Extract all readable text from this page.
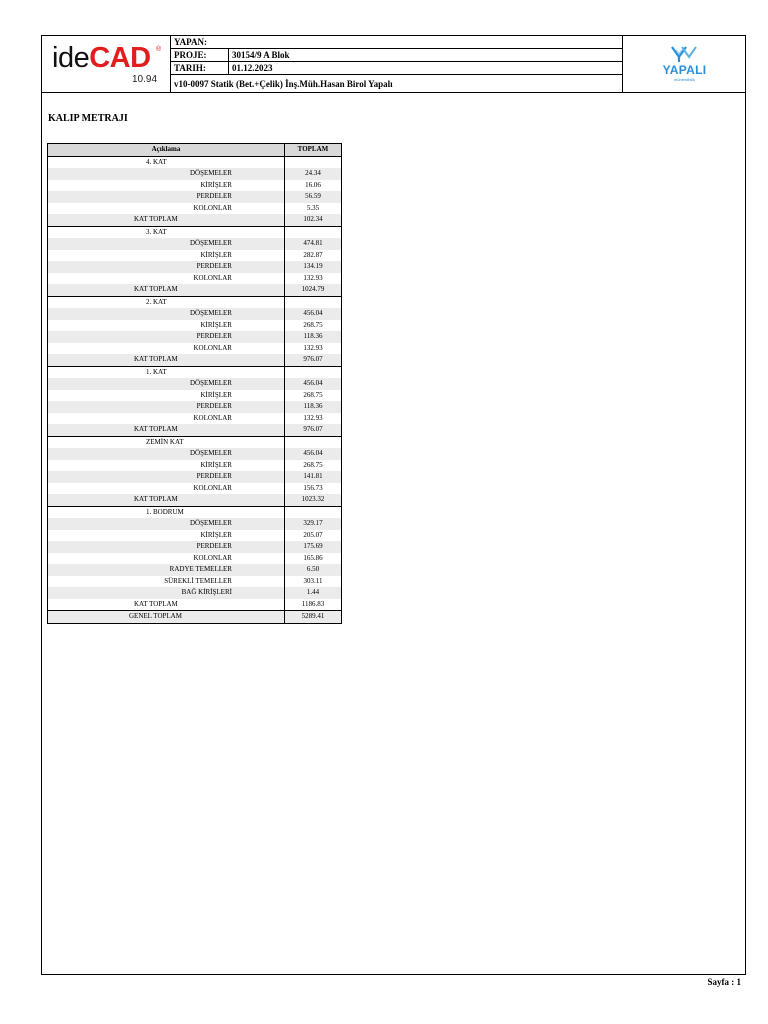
ideCAD ®
10.94
YAPAN:
PROJE:	30154/9 A Blok
TARIH:	01.12.2023
v10-0097 Statik (Bet.+Çelik) İnş.Müh.Hasan Birol Yapalı
YAPALI
mühendislik
KALIP METRAJI
Açıklama	TOPLAM
4. KAT	
DÖŞEMELER	24.34
KİRİŞLER	16.06
PERDELER	56.59
KOLONLAR	5.35
KAT TOPLAM	102.34
3. KAT	
DÖŞEMELER	474.81
KİRİŞLER	282.87
PERDELER	134.19
KOLONLAR	132.93
KAT TOPLAM	1024.79
2. KAT	
DÖŞEMELER	456.04
KİRİŞLER	268.75
PERDELER	118.36
KOLONLAR	132.93
KAT TOPLAM	976.07
1. KAT	
DÖŞEMELER	456.04
KİRİŞLER	268.75
PERDELER	118.36
KOLONLAR	132.93
KAT TOPLAM	976.07
ZEMİN KAT	
DÖŞEMELER	456.04
KİRİŞLER	268.75
PERDELER	141.81
KOLONLAR	156.73
KAT TOPLAM	1023.32
1. BODRUM	
DÖŞEMELER	329.17
KİRİŞLER	205.07
PERDELER	175.69
KOLONLAR	165.86
RADYE TEMELLER	6.50
SÜREKLİ TEMELLER	303.11
BAĞ KİRİŞLERİ	1.44
KAT TOPLAM	1186.83
GENEL TOPLAM	5289.41
Sayfa : 1
